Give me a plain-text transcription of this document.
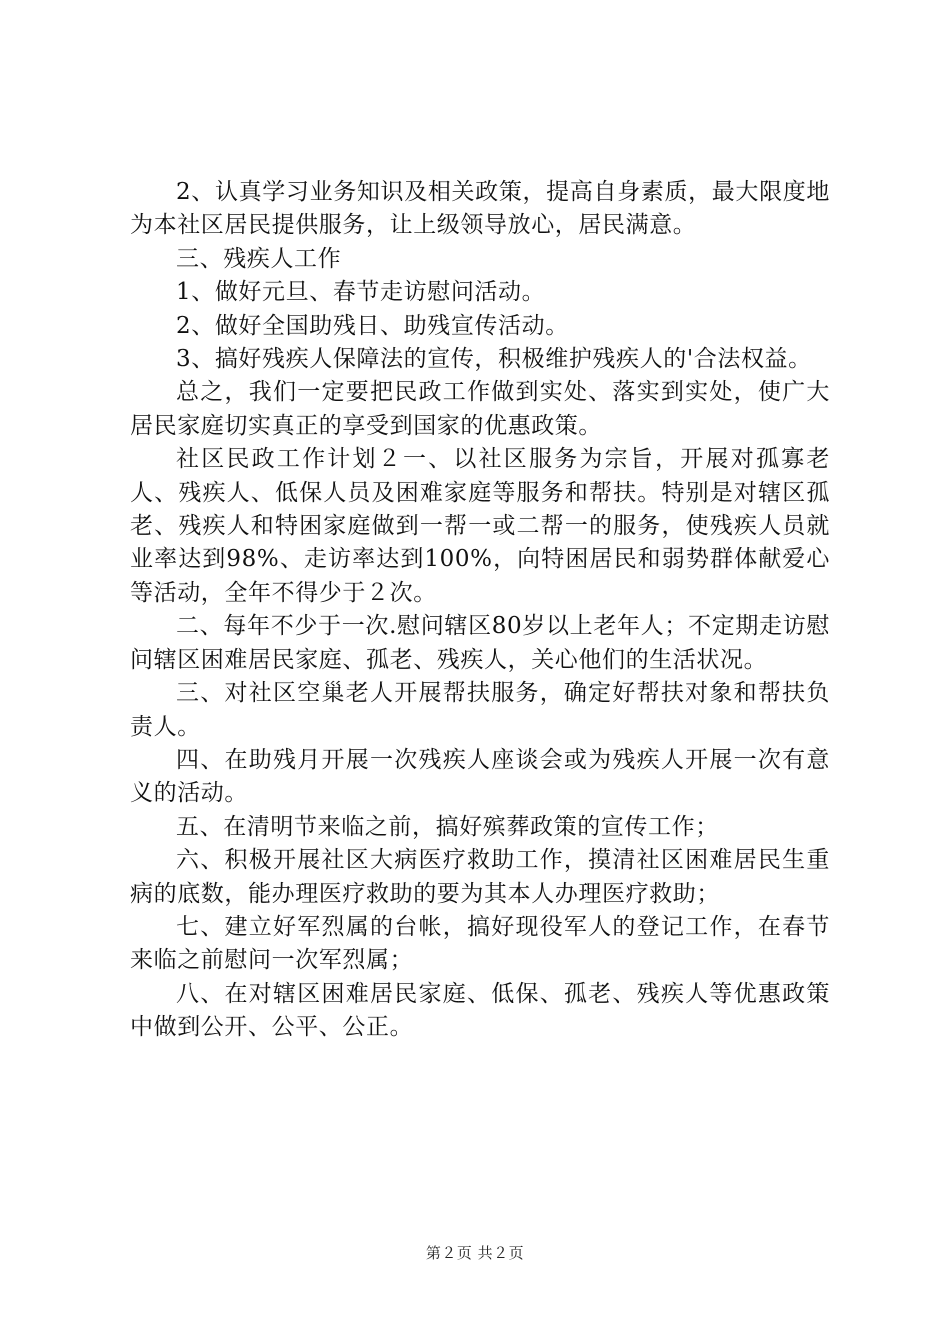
2、认真学习业务知识及相关政策，提高自身素质，最大限度地为本社区居民提供服务，让上级领导放心，居民满意。

三、残疾人工作

1、做好元旦、春节走访慰问活动。

2、做好全国助残日、助残宣传活动。

3、搞好残疾人保障法的宣传，积极维护残疾人的'合法权益。

总之，我们一定要把民政工作做到实处、落实到实处，使广大居民家庭切实真正的享受到国家的优惠政策。

社区民政工作计划２一、以社区服务为宗旨，开展对孤寡老人、残疾人、低保人员及困难家庭等服务和帮扶。特别是对辖区孤老、残疾人和特困家庭做到一帮一或二帮一的服务，使残疾人员就业率达到98%、走访率达到100%，向特困居民和弱势群体献爱心等活动，全年不得少于２次。

二、每年不少于一次.慰问辖区80岁以上老年人；不定期走访慰问辖区困难居民家庭、孤老、残疾人，关心他们的生活状况。

三、对社区空巢老人开展帮扶服务，确定好帮扶对象和帮扶负责人。

四、在助残月开展一次残疾人座谈会或为残疾人开展一次有意义的活动。

五、在清明节来临之前，搞好殡葬政策的宣传工作；

六、积极开展社区大病医疗救助工作，摸清社区困难居民生重病的底数，能办理医疗救助的要为其本人办理医疗救助；

七、建立好军烈属的台帐，搞好现役军人的登记工作，在春节来临之前慰问一次军烈属；

八、在对辖区困难居民家庭、低保、孤老、残疾人等优惠政策中做到公开、公平、公正。

第２页 共２页
